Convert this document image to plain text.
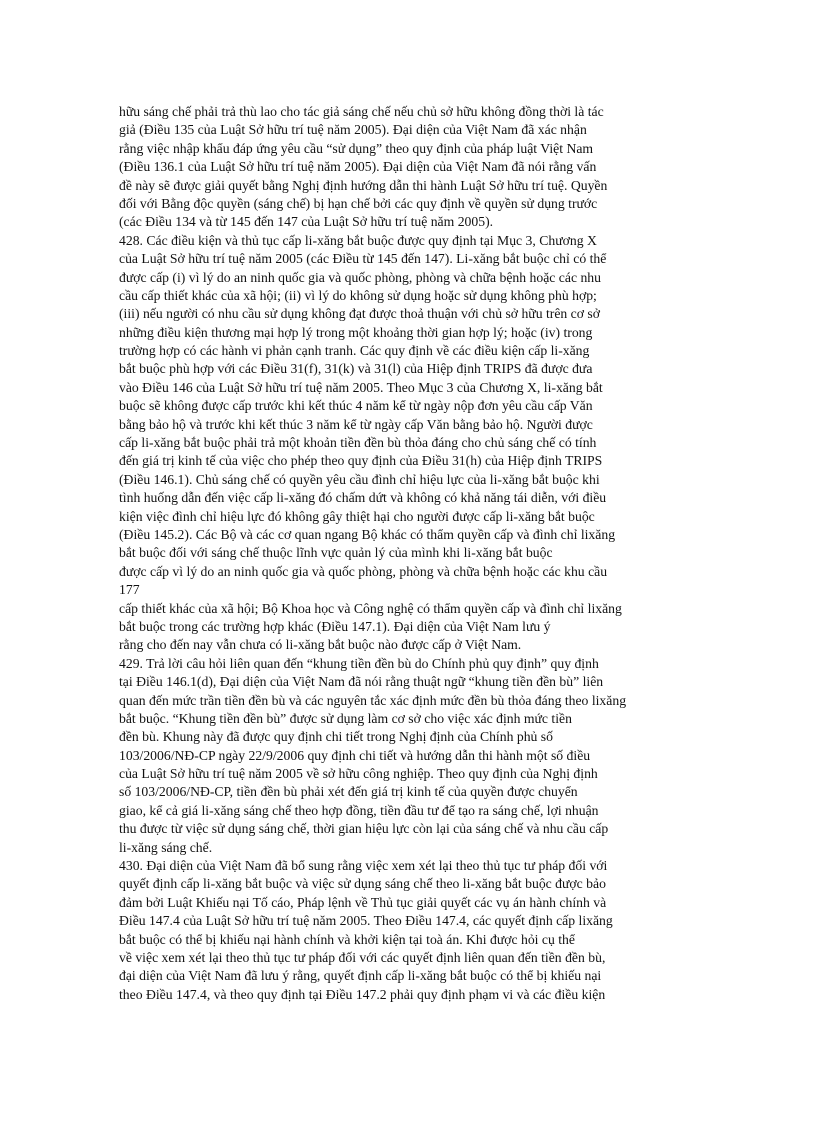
hữu sáng chế phải trả thù lao cho tác giả sáng chế nếu chủ sở hữu không đồng thời là tác
giả (Điều 135 của Luật Sở hữu trí tuệ năm 2005). Đại diện của Việt Nam đã xác nhận
rằng việc nhập khẩu đáp ứng yêu cầu “sử dụng” theo quy định của pháp luật Việt Nam
(Điều 136.1 của Luật Sở hữu trí tuệ năm 2005). Đại diện của Việt Nam đã nói rằng vấn
đề này sẽ được giải quyết bằng Nghị định hướng dẫn thi hành Luật Sở hữu trí tuệ. Quyền
đối với Bằng độc quyền (sáng chế) bị hạn chế bởi các quy định về quyền sử dụng trước
(các Điều 134 và từ 145 đến 147 của Luật Sở hữu trí tuệ năm 2005).
428. Các điều kiện và thủ tục cấp li-xăng bắt buộc được quy định tại Mục 3, Chương X
của Luật Sở hữu trí tuệ năm 2005 (các Điều từ 145 đến 147). Li-xăng bắt buộc chỉ có thể
được cấp (i) vì lý do an ninh quốc gia và quốc phòng, phòng và chữa bệnh hoặc các nhu
cầu cấp thiết khác của xã hội; (ii) vì lý do không sử dụng hoặc sử dụng không phù hợp;
(iii) nếu người có nhu cầu sử dụng không đạt được thoả thuận với chủ sở hữu trên cơ sở
những điều kiện thương mại hợp lý trong một khoảng thời gian hợp lý; hoặc (iv) trong
trường hợp có các hành vi phản cạnh tranh. Các quy định về các điều kiện cấp li-xăng
bắt buộc phù hợp với các Điều 31(f), 31(k) và 31(l) của Hiệp định TRIPS đã được đưa
vào Điều 146 của Luật Sở hữu trí tuệ năm 2005. Theo Mục 3 của Chương X, li-xăng bắt
buộc sẽ không được cấp trước khi kết thúc 4 năm kể từ ngày nộp đơn yêu cầu cấp Văn
bằng bảo hộ và trước khi kết thúc 3 năm kể từ ngày cấp Văn bằng bảo hộ. Người được
cấp li-xăng bắt buộc phải trả một khoản tiền đền bù thỏa đáng cho chủ sáng chế có tính
đến giá trị kinh tế của việc cho phép theo quy định của Điều 31(h) của Hiệp định TRIPS
(Điều 146.1). Chủ sáng chế có quyền yêu cầu đình chỉ hiệu lực của li-xăng bắt buộc khi
tình huống dẫn đến việc cấp li-xăng đó chấm dứt và không có khả năng tái diễn, với điều
kiện việc đình chỉ hiệu lực đó không gây thiệt hại cho người được cấp li-xăng bắt buộc
(Điều 145.2). Các Bộ và các cơ quan ngang Bộ khác có thẩm quyền cấp và đình chỉ lixăng
bắt buộc đối với sáng chế thuộc lĩnh vực quản lý của mình khi li-xăng bắt buộc
được cấp vì lý do an ninh quốc gia và quốc phòng, phòng và chữa bệnh hoặc các khu cầu
177
cấp thiết khác của xã hội; Bộ Khoa học và Công nghệ có thẩm quyền cấp và đình chỉ lixăng
bắt buộc trong các trường hợp khác (Điều 147.1). Đại diện của Việt Nam lưu ý
rằng cho đến nay vẫn chưa có li-xăng bắt buộc nào được cấp ở Việt Nam.
429. Trả lời câu hỏi liên quan đến “khung tiền đền bù do Chính phủ quy định” quy định
tại Điều 146.1(d), Đại diện của Việt Nam đã nói rằng thuật ngữ “khung tiền đền bù” liên
quan đến mức trần tiền đền bù và các nguyên tắc xác định mức đền bù thỏa đáng theo lixăng
bắt buộc. “Khung tiền đền bù” được sử dụng làm cơ sở cho việc xác định mức tiền
đền bù. Khung này đã được quy định chi tiết trong Nghị định của Chính phủ số
103/2006/NĐ-CP ngày 22/9/2006 quy định chi tiết và hướng dẫn thi hành một số điều
của Luật Sở hữu trí tuệ năm 2005 về sở hữu công nghiệp. Theo quy định của Nghị định
số 103/2006/NĐ-CP, tiền đền bù phải xét đến giá trị kinh tế của quyền được chuyển
giao, kể cả giá li-xăng sáng chế theo hợp đồng, tiền đầu tư để tạo ra sáng chế, lợi nhuận
thu được từ việc sử dụng sáng chế, thời gian hiệu lực còn lại của sáng chế và nhu cầu cấp
li-xăng sáng chế.
430. Đại diện của Việt Nam đã bổ sung rằng việc xem xét lại theo thủ tục tư pháp đối với
quyết định cấp li-xăng bắt buộc và việc sử dụng sáng chế theo li-xăng bắt buộc được bảo
đảm bởi Luật Khiếu nại Tố cáo, Pháp lệnh về Thủ tục giải quyết các vụ án hành chính và
Điều 147.4 của Luật Sở hữu trí tuệ năm 2005. Theo Điều 147.4, các quyết định cấp lixăng
bắt buộc có thể bị khiếu nại hành chính và khởi kiện tại toà án. Khi được hỏi cụ thể
về việc xem xét lại theo thủ tục tư pháp đối với các quyết định liên quan đến tiền đền bù,
đại diện của Việt Nam đã lưu ý rằng, quyết định cấp li-xăng bắt buộc có thể bị khiếu nại
theo Điều 147.4, và theo quy định tại Điều 147.2 phải quy định phạm vi và các điều kiện
